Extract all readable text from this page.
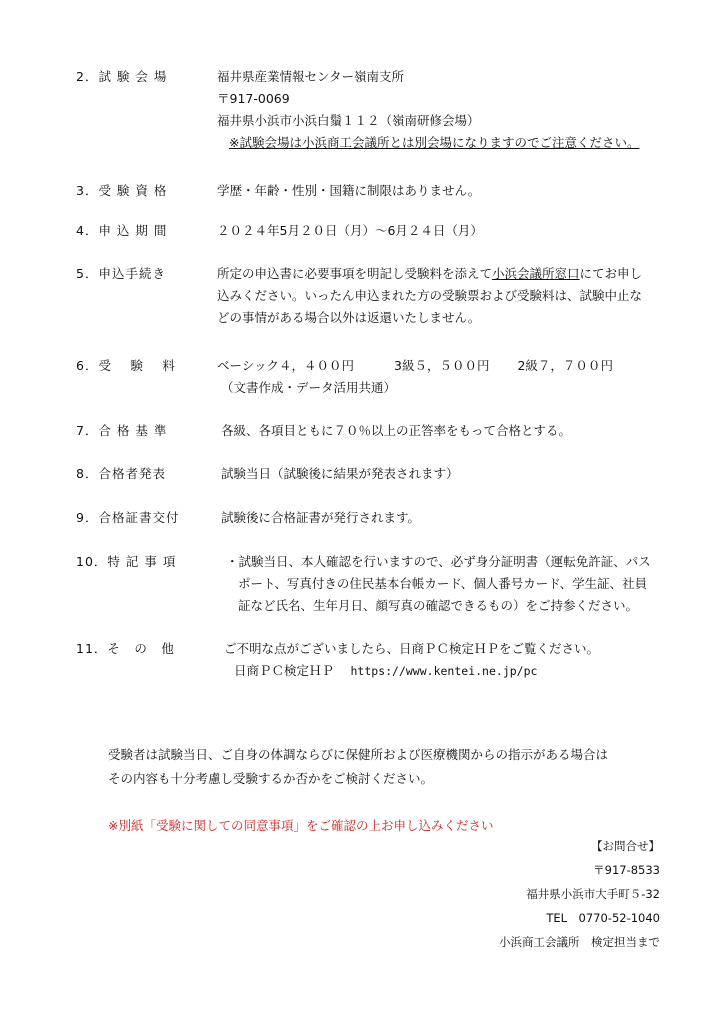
2．試 験 会 場	福井県産業情報センター嶺南支所
〒917-0069
福井県小浜市小浜白鬚１１２（嶺南研修会場）
※試験会場は小浜商工会議所とは別会場になりますのでご注意ください。
3．受 験 資 格	学歴・年齢・性別・国籍に制限はありません。
4．申 込 期 間	２０２４年5月２０日（月）～6月２４日（月）
5．申込手続き	所定の申込書に必要事項を明記し受験料を添えて小浜会議所窓口にてお申し
込みください。いったん申込まれた方の受験票および受験料は、試験中止な
どの事情がある場合以外は返還いたしません。
6．受　 験　 料	ベーシック４，４００円	3級５，５００円 2級７，７００円
（文書作成・データ活用共通）
7．合 格 基 準	各級、各項目ともに７０％以上の正答率をもって合格とする。
8．合格者発表	試験当日（試験後に結果が発表されます）
9．合格証書交付	試験後に合格証書が発行されます。
10．特 記 事 項	・試験当日、本人確認を行いますので、必ず身分証明書（運転免許証、パス
ポート、写真付きの住民基本台帳カード、個人番号カード、学生証、社員
証など氏名、生年月日、顔写真の確認できるもの）をご持参ください。
11．そ　の　他	ご不明な点がございましたら、日商ＰＣ検定ＨＰをご覧ください。
日商ＰＣ検定ＨＰ　 https://www.kentei.ne.jp/pc
受験者は試験当日、ご自身の体調ならびに保健所および医療機関からの指示がある場合は
その内容も十分考慮し受験するか否かをご検討ください。
※別紙「受験に関しての同意事項」をご確認の上お申し込みください
【お問合せ】
〒917-8533
福井県小浜市大手町５-32
TEL　0770-52-1040
小浜商工会議所　検定担当まで
